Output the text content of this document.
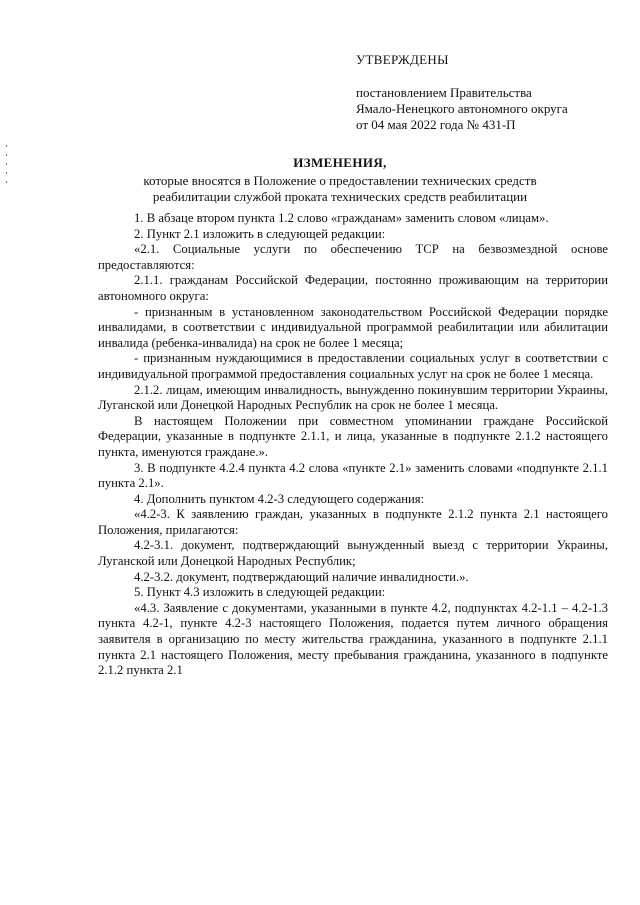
УТВЕРЖДЕНЫ
постановлением Правительства
Ямало-Ненецкого автономного округа
от 04 мая 2022 года № 431-П
ИЗМЕНЕНИЯ,
которые вносятся в Положение о предоставлении технических средств
реабилитации службой проката технических средств реабилитации

1. В абзаце втором пункта 1.2 слово «гражданам» заменить словом «лицам».

2. Пункт 2.1 изложить в следующей редакции:

«2.1. Социальные услуги по обеспечению ТСР на безвозмездной основе предоставляются:

2.1.1. гражданам Российской Федерации, постоянно проживающим на территории автономного округа:

- признанным в установленном законодательством Российской Федерации порядке инвалидами, в соответствии с индивидуальной программой реабилитации или абилитации инвалида (ребенка-инвалида) на срок не более 1 месяца;

- признанным нуждающимися в предоставлении социальных услуг в соответствии с индивидуальной программой предоставления социальных услуг на срок не более 1 месяца.

2.1.2. лицам, имеющим инвалидность, вынужденно покинувшим территории Украины, Луганской или Донецкой Народных Республик на срок не более 1 месяца.

В настоящем Положении при совместном упоминании граждане Российской Федерации, указанные в подпункте 2.1.1, и лица, указанные в подпункте 2.1.2 настоящего пункта, именуются граждане.».

3. В подпункте 4.2.4 пункта 4.2 слова «пункте 2.1» заменить словами «подпункте 2.1.1 пункта 2.1».

4. Дополнить пунктом 4.2-3 следующего содержания:

«4.2-3. К заявлению граждан, указанных в подпункте 2.1.2 пункта 2.1 настоящего Положения, прилагаются:

4.2-3.1. документ, подтверждающий вынужденный выезд с территории Украины, Луганской или Донецкой Народных Республик;

4.2-3.2. документ, подтверждающий наличие инвалидности.».

5. Пункт 4.3 изложить в следующей редакции:

«4.3. Заявление с документами, указанными в пункте 4.2, подпунктах 4.2-1.1 – 4.2-1.3 пункта 4.2-1, пункте 4.2-3 настоящего Положения, подается путем личного обращения заявителя в организацию по месту жительства гражданина, указанного в подпункте 2.1.1 пункта 2.1 настоящего Положения, месту пребывания гражданина, указанного в подпункте 2.1.2 пункта 2.1
